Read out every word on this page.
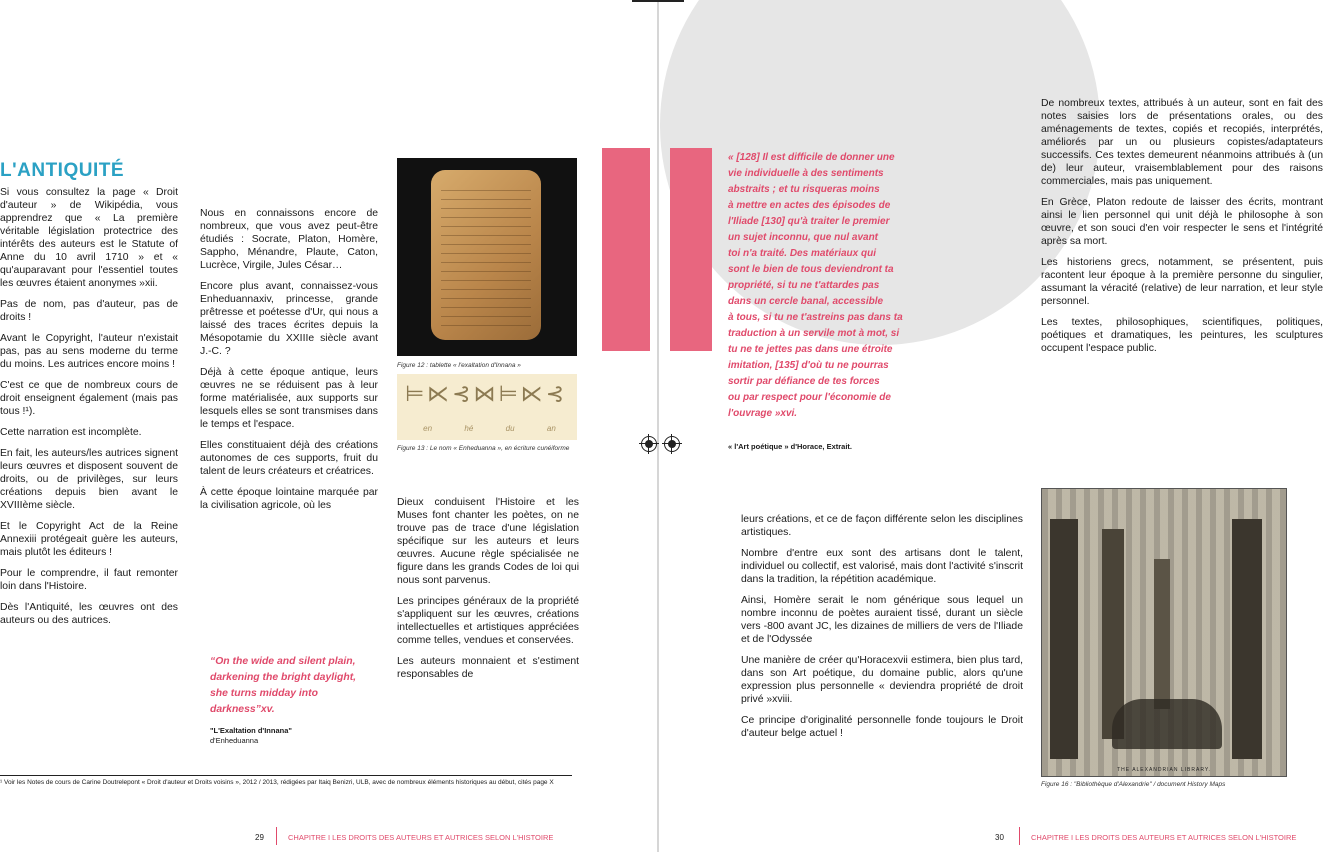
L'ANTIQUITÉ

Si vous consultez la page « Droit d'auteur » de Wikipédia, vous apprendrez que « La première véritable législation protectrice des intérêts des auteurs est le Statute of Anne du 10 avril 1710 » et « qu'auparavant pour l'essentiel toutes les œuvres étaient anonymes »xii.

Pas de nom, pas d'auteur, pas de droits !

Avant le Copyright, l'auteur n'existait pas, pas au sens moderne du terme du moins. Les autrices encore moins !

C'est ce que de nombreux cours de droit enseignent également (mais pas tous !¹).

Cette narration est incomplète.

En fait, les auteurs/les autrices signent leurs œuvres et disposent souvent de droits, ou de privilèges, sur leurs créations depuis bien avant le XVIIIème siècle.

Et le Copyright Act de la Reine Annexiii protégeait guère les auteurs, mais plutôt les éditeurs !

Pour le comprendre, il faut remonter loin dans l'Histoire.

Dès l'Antiquité, les œuvres ont des auteurs ou des autrices.

Nous en connaissons encore de nombreux, que vous avez peut-être étudiés : Socrate, Platon, Homère, Sappho, Ménandre, Plaute, Caton, Lucrèce, Virgile, Jules César…

Encore plus avant, connaissez-vous Enheduannaxiv, princesse, grande prêtresse et poétesse d'Ur, qui nous a laissé des traces écrites depuis la Mésopotamie du XXIIIe siècle avant J.-C. ?

Déjà à cette époque antique, leurs œuvres ne se réduisent pas à leur forme matérialisée, aux supports sur lesquels elles se sont transmises dans le temps et l'espace.

Elles constituaient déjà des créations autonomes de ces supports, fruit du talent de leurs créateurs et créatrices.

À cette époque lointaine marquée par la civilisation agricole, où les

“On the wide and silent plain, darkening the bright daylight, she turns midday into darkness”xv.
"L'Exaltation d'Innana"
d'Enheduanna
Figure 12 : tablette « l'exaltation d'Innana »
⊨⋉⊰⋈⊨⋉⊰
en	hé	du	an
Figure 13 : Le nom « Enheduanna », en écriture cunéiforme

Dieux conduisent l'Histoire et les Muses font chanter les poètes, on ne trouve pas de trace d'une législation spécifique sur les auteurs et leurs œuvres. Aucune règle spécialisée ne figure dans les grands Codes de loi qui nous sont parvenus.

Les principes généraux de la propriété s'appliquent sur les œuvres, créations intellectuelles et artistiques appréciées comme telles, vendues et conservées.

Les auteurs monnaient et s'estiment responsables de

¹ Voir les Notes de cours de Carine Doutrelepont « Droit d'auteur et Droits voisins », 2012 / 2013, rédigées par Itaiq Benizri, ULB, avec de nombreux éléments historiques au début, cités page X
29	CHAPITRE I LES DROITS DES AUTEURS ET AUTRICES SELON L'HISTOIRE
« [128] Il est difficile de donner une
vie individuelle à des sentiments
abstraits ; et tu risqueras moins
à mettre en actes des épisodes de
l'Iliade [130] qu'à traiter le premier
un sujet inconnu, que nul avant
toi n'a traité. Des matériaux qui
sont le bien de tous deviendront ta
propriété, si tu ne t'attardes pas
dans un cercle banal, accessible
à tous, si tu ne t'astreins pas dans ta
traduction à un servile mot à mot, si
tu ne te jettes pas dans une étroite
imitation, [135] d'où tu ne pourras
sortir par défiance de tes forces
ou par respect pour l'économie de
l'ouvrage »xvi.
« l'Art poétique » d'Horace, Extrait.

De nombreux textes, attribués à un auteur, sont en fait des notes saisies lors de présentations orales, ou des aménagements de textes, copiés et recopiés, interprétés, améliorés par un ou plusieurs copistes/adaptateurs successifs. Ces textes demeurent néanmoins attribués à (un de) leur auteur, vraisemblablement pour des raisons commerciales, mais pas uniquement.

En Grèce, Platon redoute de laisser des écrits, montrant ainsi le lien personnel qui unit déjà le philosophe à son œuvre, et son souci d'en voir respecter le sens et l'intégrité après sa mort.

Les historiens grecs, notamment, se présentent, puis racontent leur époque à la première personne du singulier, assumant la véracité (relative) de leur narration, et leur style personnel.

Les textes, philosophiques, scientifiques, politiques, poétiques et dramatiques, les peintures, les sculptures occupent l'espace public.

leurs créations, et ce de façon différente selon les disciplines artistiques.

Nombre d'entre eux sont des artisans dont le talent, individuel ou collectif, est valorisé, mais dont l'activité s'inscrit dans la tradition, la répétition académique.

Ainsi, Homère serait le nom générique sous lequel un nombre inconnu de poètes auraient tissé, durant un siècle vers -800 avant JC, les dizaines de milliers de vers de l'Iliade et de l'Odyssée

Une manière de créer qu'Horacexvii estimera, bien plus tard, dans son Art poétique, du domaine public, alors qu'une expression plus personnelle « deviendra propriété de droit privé »xviii.

Ce principe d'originalité personnelle fonde toujours le Droit d'auteur belge actuel !

THE ALEXANDRIAN LIBRARY.
Figure 16 : "Bibliothèque d'Alexandrie" / document History Maps
30	CHAPITRE I LES DROITS DES AUTEURS ET AUTRICES SELON L'HISTOIRE
